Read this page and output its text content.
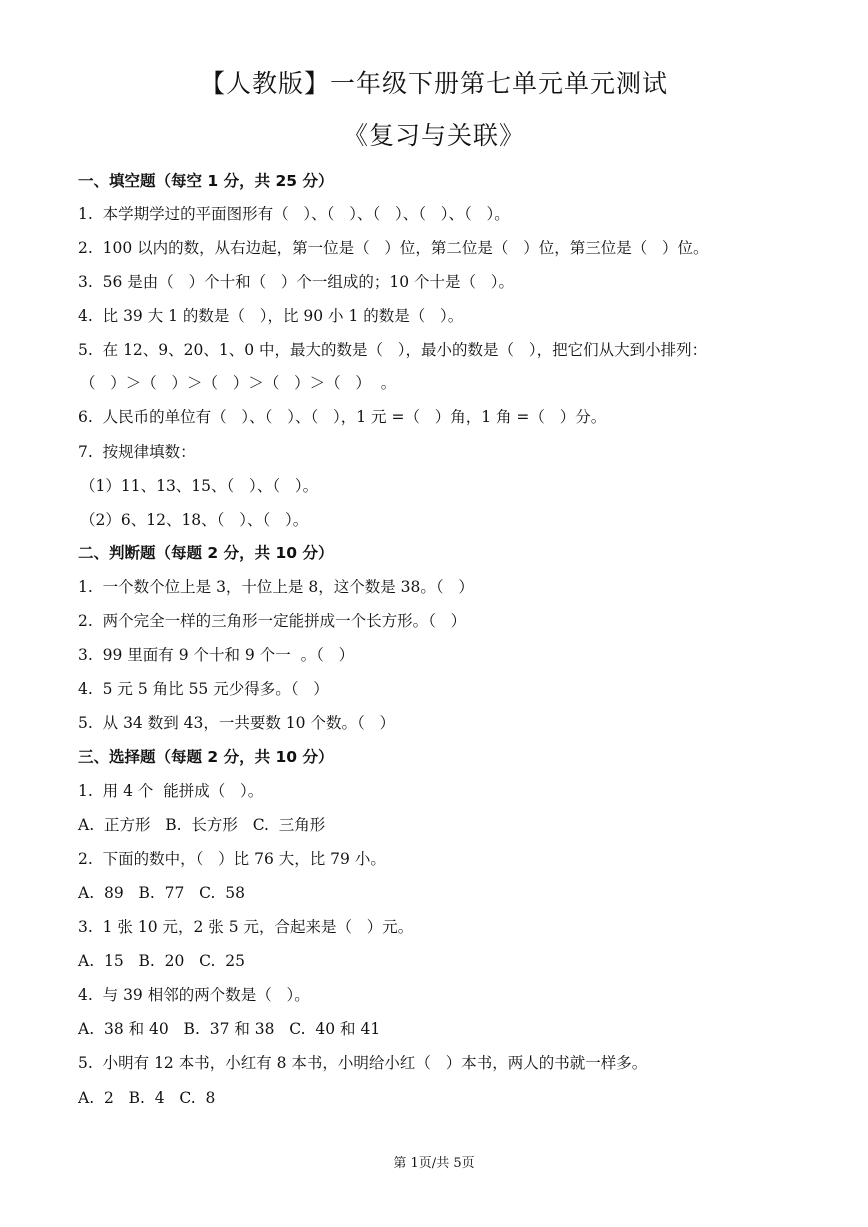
【人教版】一年级下册第七单元单元测试
《复习与关联》
一、填空题（每空 1 分，共 25 分）
1.  本学期学过的平面图形有（   ）、（   ）、（   ）、（   ）、（   ）。
2.  100 以内的数，从右边起，第一位是（   ）位，第二位是（   ）位，第三位是（   ）位。
3.  56 是由（   ）个十和（   ）个一组成的；10 个十是（   ）。
4.  比 39 大 1 的数是（   ），比 90 小 1 的数是（   ）。
5.  在 12、9、20、1、0 中，最大的数是（   ），最小的数是（   ），把它们从大到小排列：
（   ）＞（   ）＞（   ）＞（   ）＞（   ）  。
6.  人民币的单位有（   ）、（   ）、（   ），1 元 =（   ）角，1 角 =（   ）分。
7.  按规律填数：
（1）11、13、15、（   ）、（   ）。
（2）6、12、18、（   ）、（   ）。
二、判断题（每题 2 分，共 10 分）
1.  一个数个位上是 3，十位上是 8，这个数是 38。（   ）
2.  两个完全一样的三角形一定能拼成一个长方形。（   ）
3.  99 里面有 9 个十和 9 个一  。（   ）
4.  5 元 5 角比 55 元少得多。（   ）
5.  从 34 数到 43，一共要数 10 个数。（   ）
三、选择题（每题 2 分，共 10 分）
1.  用 4 个  能拼成（   ）。
A.  正方形   B.  长方形   C.  三角形
2.  下面的数中，（   ）比 76 大，比 79 小。
A.  89   B.  77   C.  58
3.  1 张 10 元，2 张 5 元，合起来是（   ）元。
A.  15   B.  20   C.  25
4.  与 39 相邻的两个数是（   ）。
A.  38 和 40   B.  37 和 38   C.  40 和 41
5.  小明有 12 本书，小红有 8 本书，小明给小红（   ）本书，两人的书就一样多。
A.  2   B.  4   C.  8
第 1页/共 5页
